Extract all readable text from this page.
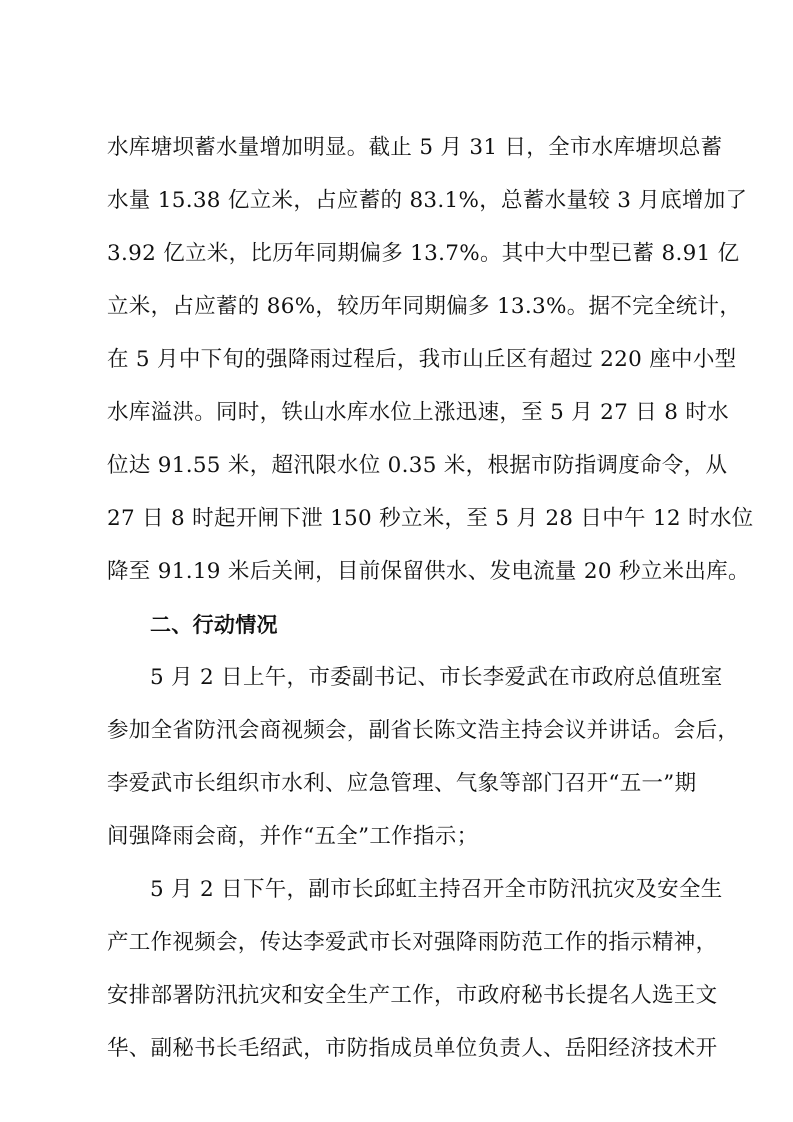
水库塘坝蓄水量增加明显。截止 5 月 31 日，全市水库塘坝总蓄
水量 15.38 亿立米，占应蓄的 83.1%，总蓄水量较 3 月底增加了
3.92 亿立米，比历年同期偏多 13.7%。其中大中型已蓄 8.91 亿
立米，占应蓄的 86%，较历年同期偏多 13.3%。据不完全统计，
在 5 月中下旬的强降雨过程后，我市山丘区有超过 220 座中小型
水库溢洪。同时，铁山水库水位上涨迅速，至 5 月 27 日 8 时水
位达 91.55 米，超汛限水位 0.35 米，根据市防指调度命令，从
27 日 8 时起开闸下泄 150 秒立米，至 5 月 28 日中午 12 时水位
降至 91.19 米后关闸，目前保留供水、发电流量 20 秒立米出库。
二、行动情况
5 月 2 日上午，市委副书记、市长李爱武在市政府总值班室
参加全省防汛会商视频会，副省长陈文浩主持会议并讲话。会后，
李爱武市长组织市水利、应急管理、气象等部门召开“五一”期
间强降雨会商，并作“五全”工作指示；
5 月 2 日下午，副市长邱虹主持召开全市防汛抗灾及安全生
产工作视频会，传达李爱武市长对强降雨防范工作的指示精神，
安排部署防汛抗灾和安全生产工作，市政府秘书长提名人选王文
华、副秘书长毛绍武，市防指成员单位负责人、岳阳经济技术开
